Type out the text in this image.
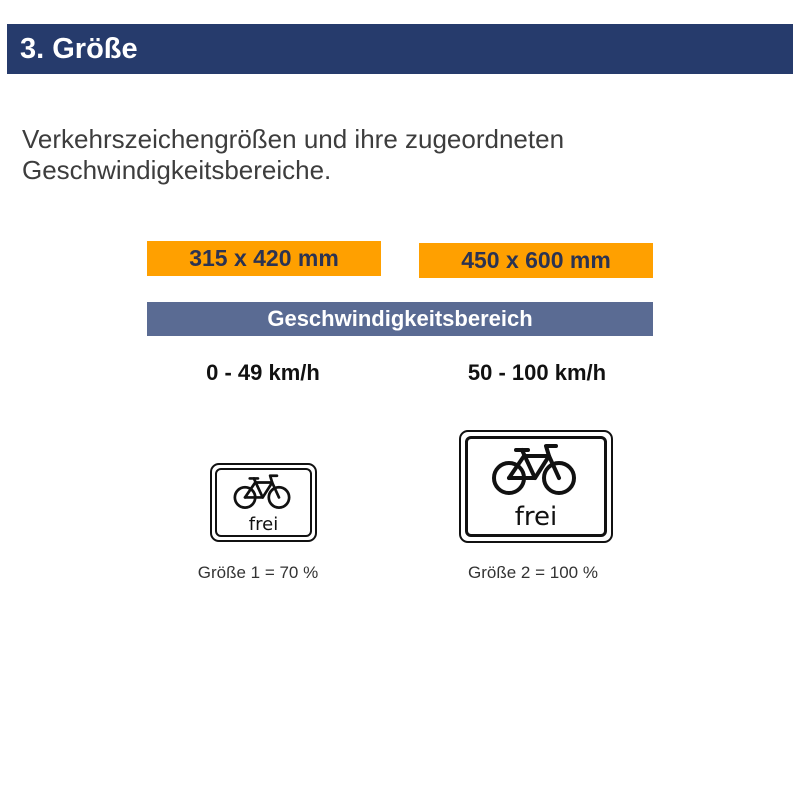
3. Größe
Verkehrszeichengrößen und ihre zugeordneten
Geschwindigkeitsbereiche.
315 x 420 mm	450 x 600 mm
Geschwindigkeitsbereich
0 - 49 km/h	50 - 100 km/h
frei	frei
Größe 1 = 70 %	Größe 2 = 100 %
